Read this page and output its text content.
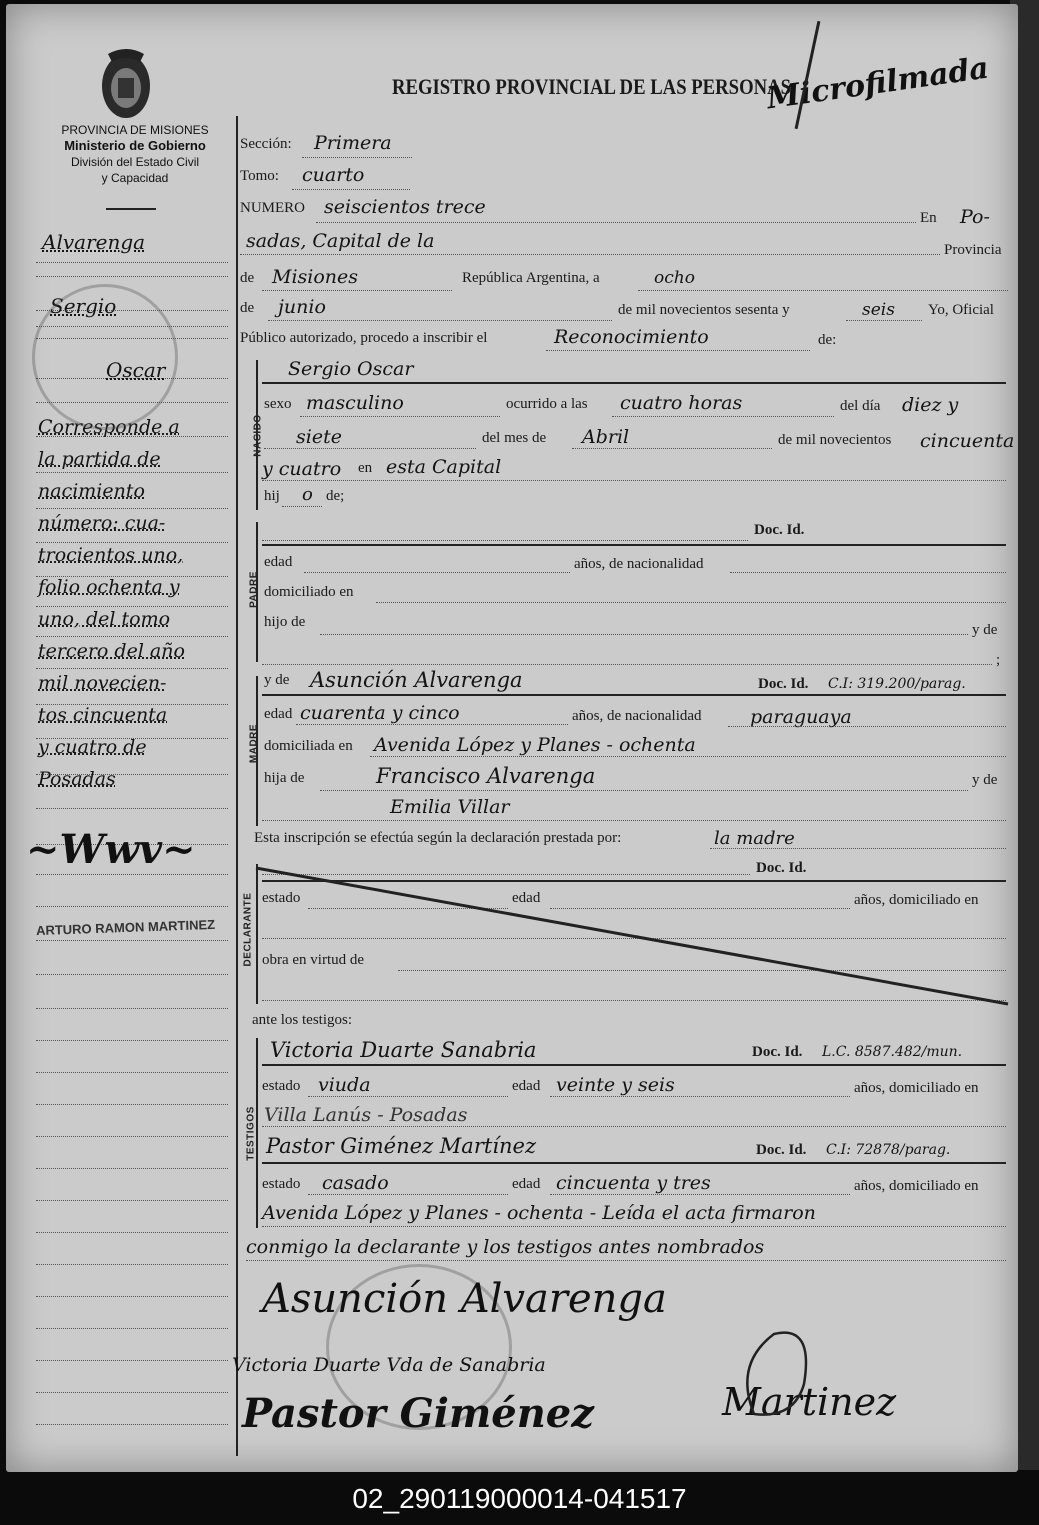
PROVINCIA DE MISIONES
Ministerio de Gobierno
División del Estado Civil
y Capacidad
REGISTRO PROVINCIAL DE LAS PERSONAS
Microfilmada
Alvarenga
Sergio
Oscar
Corresponde a
la partida de
nacimiento
número: cua-
trocientos uno,
folio ochenta y
uno, del tomo
tercero del año
mil novecien-
tos cincuenta
y cuatro de
Posadas
~Wwv~
ARTURO RAMON MARTINEZ
Sección: Primera
Tomo: cuarto
NUMERO seiscientos trece	En Po-
sadas, Capital de la	Provincia
de Misiones	República Argentina, a	ocho
de junio	de mil novecientos sesenta y	seis Yo, Oficial
Público autorizado, procedo a inscribir el	Reconocimiento	de:
NACIDO
Sergio Oscar
sexo masculino	ocurrido a las cuatro horas	del día diez y
siete	del mes de Abril	de mil novecientos cincuenta
y cuatro en esta Capital
hij o de;
PADRE
Doc. Id.
edad	años, de nacionalidad
domiciliado en
hijo de	y de
;
MADRE
y de Asunción Alvarenga	Doc. Id. C.I: 319.200/parag.
edad cuarenta y cinco	años, de nacionalidad	paraguaya
domiciliada en Avenida López y Planes - ochenta
hija de	Francisco Alvarenga	y de
Emilia Villar
Esta inscripción se efectúa según la declaración prestada por:	la madre
DECLARANTE
Doc. Id.
estado	edad	años, domiciliado en
obra en virtud de
ante los testigos:
TESTIGOS
Victoria Duarte Sanabria	Doc. Id. L.C. 8587.482/mun.
estado viuda	edad veinte y seis	años, domiciliado en
Villa Lanús - Posadas
Pastor Giménez Martínez	Doc. Id. C.I: 72878/parag.
estado casado	edad cincuenta y tres	años, domiciliado en
Avenida López y Planes - ochenta - Leída el acta firmaron
conmigo la declarante y los testigos antes nombrados
Asunción Alvarenga
Victoria Duarte Vda de Sanabria
Pastor Giménez	Martinez
02_290119000014-041517
